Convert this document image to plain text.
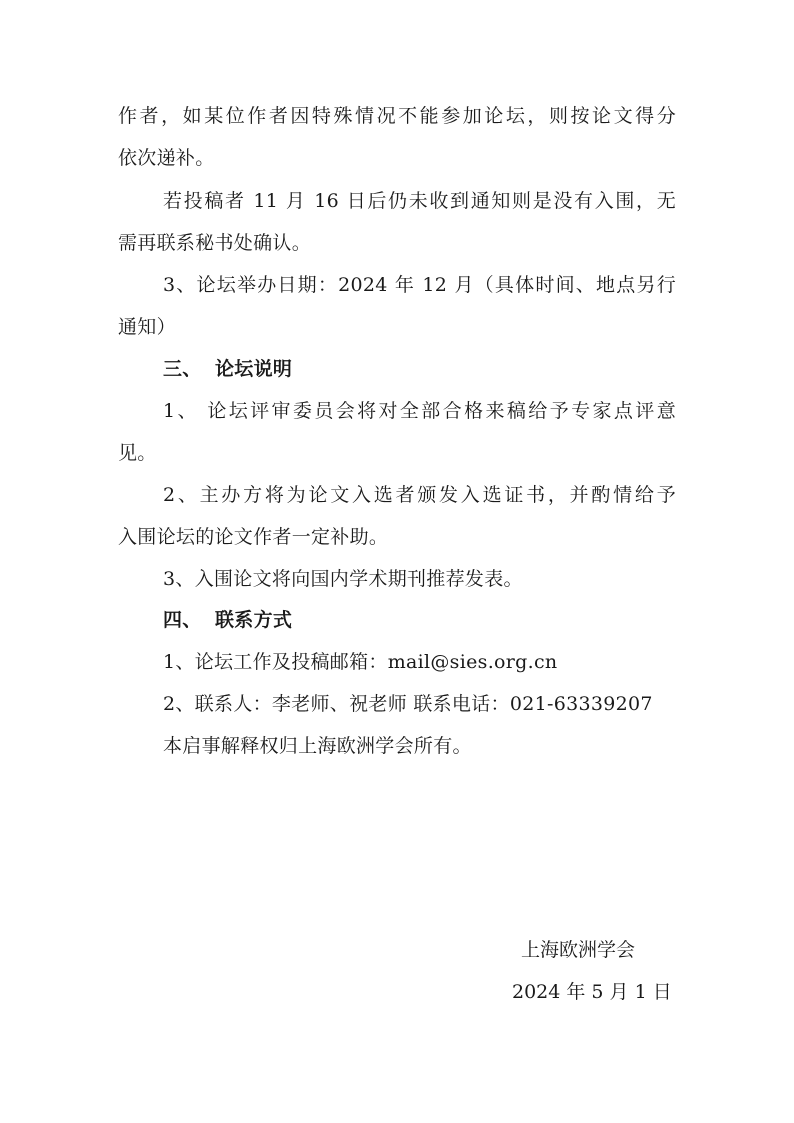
作者，如某位作者因特殊情况不能参加论坛，则按论文得分
依次递补。
若投稿者 11 月 16 日后仍未收到通知则是没有入围，无
需再联系秘书处确认。
3、论坛举办日期：2024 年 12 月（具体时间、地点另行
通知）
三、 论坛说明
1、 论坛评审委员会将对全部合格来稿给予专家点评意
见。
2、主办方将为论文入选者颁发入选证书，并酌情给予
入围论坛的论文作者一定补助。
3、入围论文将向国内学术期刊推荐发表。
四、 联系方式
1、论坛工作及投稿邮箱：mail@sies.org.cn
2、联系人：李老师、祝老师 联系电话：021-63339207
本启事解释权归上海欧洲学会所有。
上海欧洲学会
2024 年 5 月 1 日
